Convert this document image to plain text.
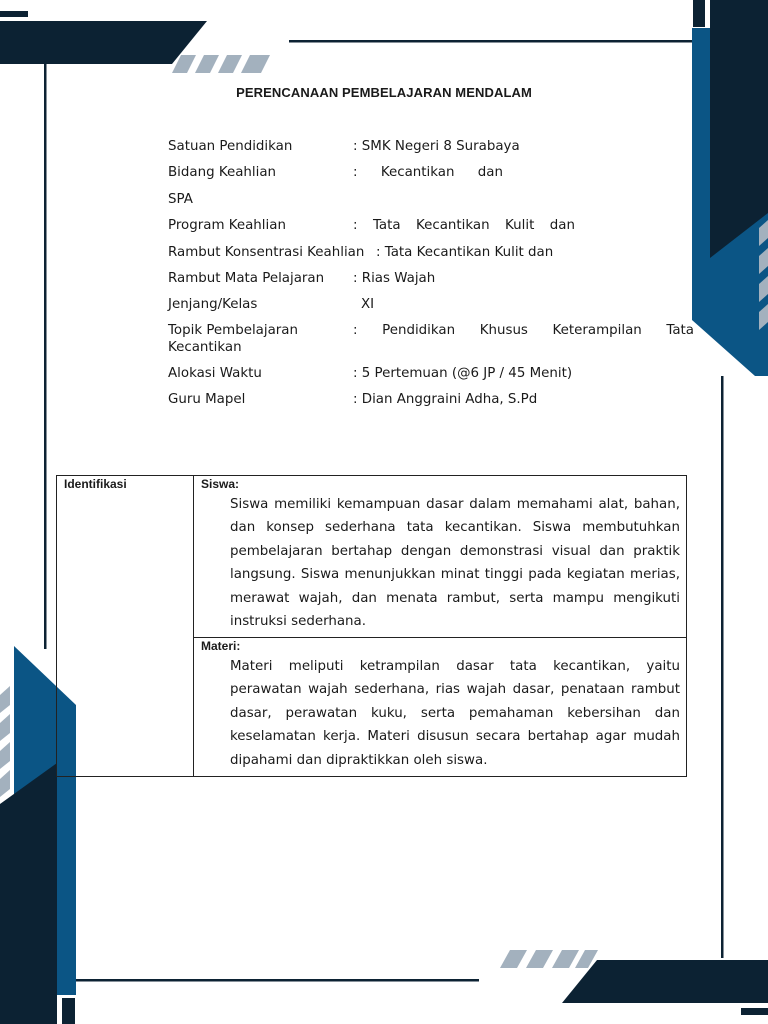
PERENCANAAN PEMBELAJARAN MENDALAM
Satuan Pendidikan	: SMK Negeri 8 Surabaya
Bidang Keahlian	: Kecantikan dan
SPA
Program Keahlian	: Tata Kecantikan Kulit dan
Rambut Konsentrasi Keahlian : Tata Kecantikan Kulit dan
Rambut Mata Pelajaran : Rias Wajah
Jenjang/Kelas	XI
Topik Pembelajaran	: Pendidikan Khusus Keterampilan Tata
Kecantikan
Alokasi Waktu	: 5 Pertemuan (@6 JP / 45 Menit)
Guru Mapel	: Dian Anggraini Adha, S.Pd
Identifikasi	Siswa:

Siswa memiliki kemampuan dasar dalam memahami alat, bahan, dan konsep sederhana tata kecantikan. Siswa membutuhkan pembelajaran bertahap dengan demonstrasi visual dan praktik langsung. Siswa menunjukkan minat tinggi pada kegiatan merias, merawat wajah, dan menata rambut, serta mampu mengikuti instruksi sederhana.

Materi:

Materi meliputi ketrampilan dasar tata kecantikan, yaitu perawatan wajah sederhana, rias wajah dasar, penataan rambut dasar, perawatan kuku, serta pemahaman kebersihan dan keselamatan kerja. Materi disusun secara bertahap agar mudah dipahami dan dipraktikkan oleh siswa.
